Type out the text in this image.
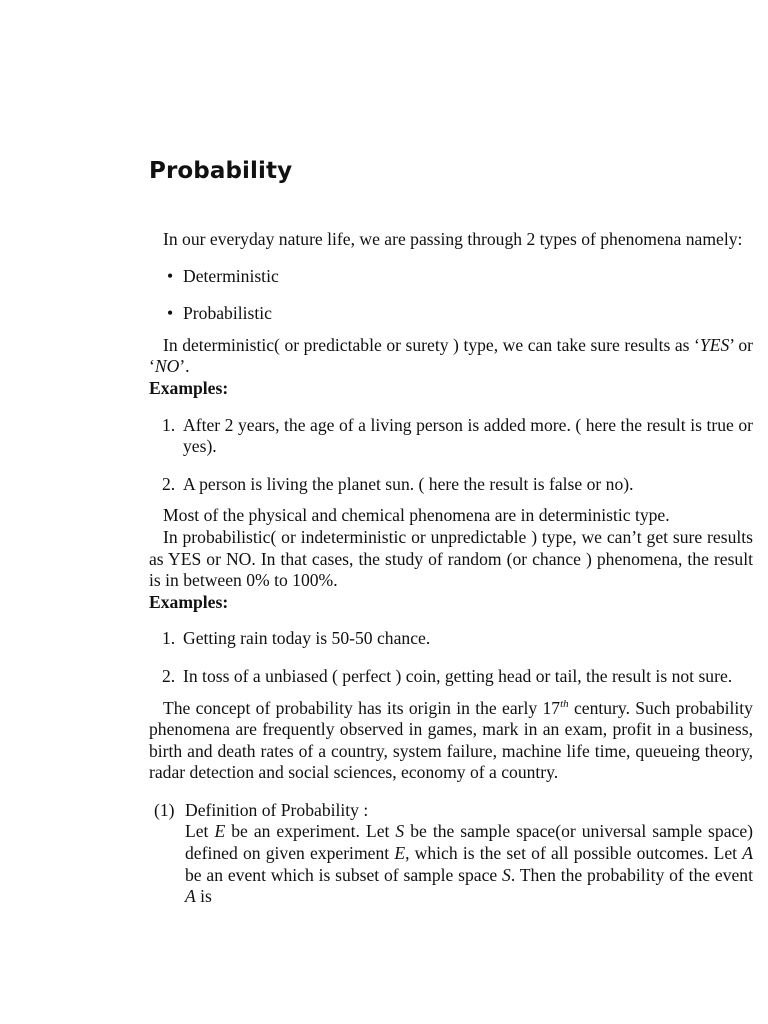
Probability

In our everyday nature life, we are passing through 2 types of phenomena namely:

• Deterministic
• Probabilistic

In deterministic( or predictable or surety ) type, we can take sure results as ‘YES’ or ‘NO’.

Examples:

1. After 2 years, the age of a living person is added more. ( here the result is true or yes).
2. A person is living the planet sun. ( here the result is false or no).

Most of the physical and chemical phenomena are in deterministic type.

In probabilistic( or indeterministic or unpredictable ) type, we can’t get sure results as YES or NO. In that cases, the study of random (or chance ) phenomena, the result is in between 0% to 100%.

Examples:

1. Getting rain today is 50-50 chance.
2. In toss of a unbiased ( perfect ) coin, getting head or tail, the result is not sure.

The concept of probability has its origin in the early 17th century. Such probability phenomena are frequently observed in games, mark in an exam, profit in a business, birth and death rates of a country, system failure, machine life time, queueing theory, radar detection and social sciences, economy of a country.

(1) Definition of Probability :
Let E be an experiment. Let S be the sample space(or universal sample space) defined on given experiment E, which is the set of all possible outcomes. Let A be an event which is subset of sample space S. Then the probability of the event A is
